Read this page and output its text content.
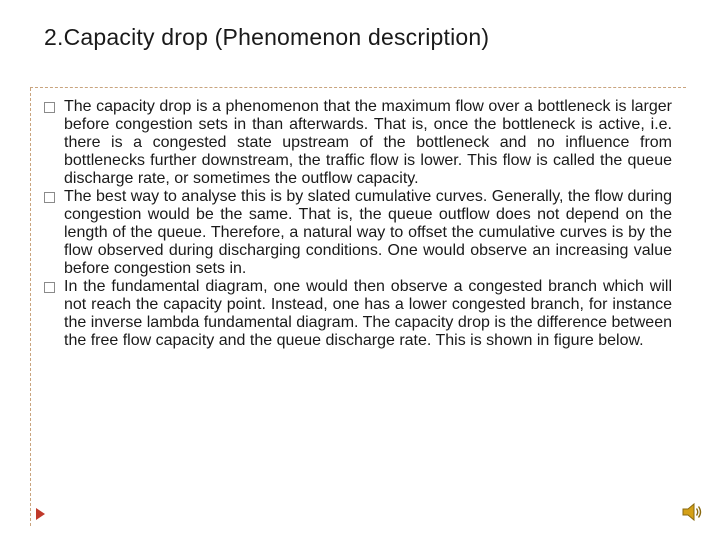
2.Capacity drop (Phenomenon description)
The capacity drop is a phenomenon that the maximum flow over a bottleneck is larger before congestion sets in than afterwards. That is, once the bottleneck is active, i.e. there is a congested state upstream of the bottleneck and no influence from bottlenecks further downstream, the traffic flow is lower. This flow is called the queue discharge rate, or sometimes the outflow capacity.
The best way to analyse this is by slated cumulative curves. Generally, the flow during congestion would be the same. That is, the queue outflow does not depend on the length of the queue. Therefore, a natural way to offset the cumulative curves is by the flow observed during discharging conditions. One would observe an increasing value before congestion sets in.
In the fundamental diagram, one would then observe a congested branch which will not reach the capacity point. Instead, one has a lower congested branch, for instance the inverse lambda fundamental diagram. The capacity drop is the difference between the free flow capacity and the queue discharge rate. This is shown in figure below.
